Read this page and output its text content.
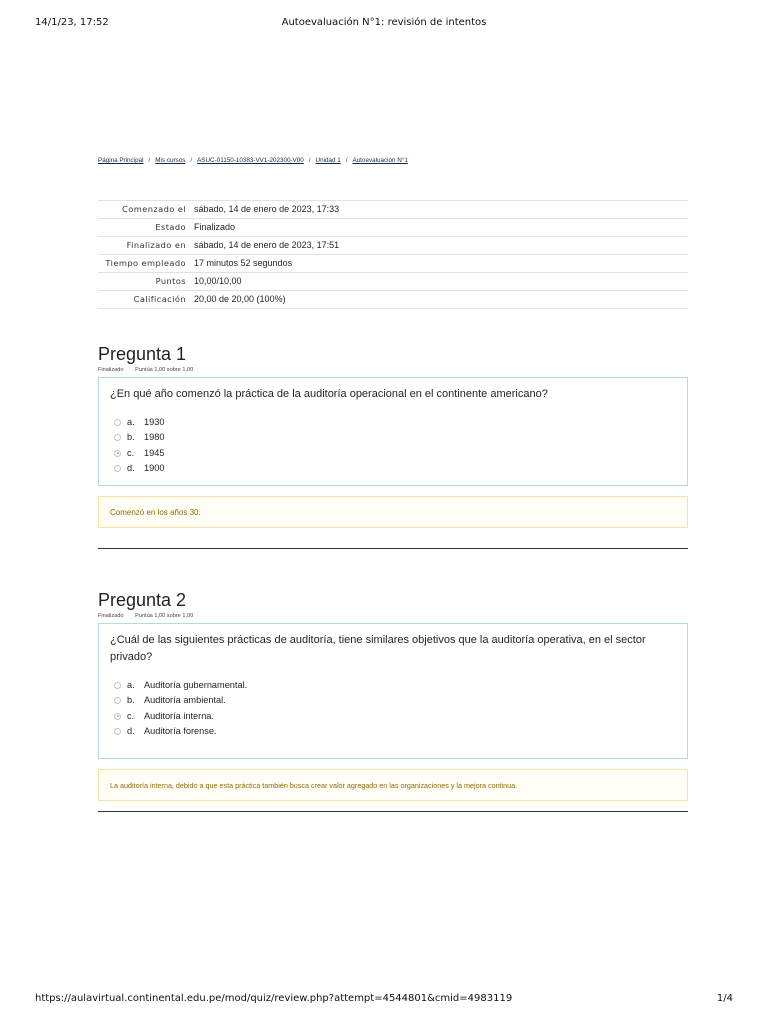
14/1/23, 17:52	Autoevaluación N°1: revisión de intentos
Página Principal / Mis cursos / ASUC-01150-10383-VV1-202300-V00 / Unidad 1 / Autoevaluación N°1
Comenzado el	sábado, 14 de enero de 2023, 17:33
Estado	Finalizado
Finalizado en	sábado, 14 de enero de 2023, 17:51
Tiempo empleado	17 minutos 52 segundos
Puntos	10,00/10,00
Calificación	20,00 de 20,00 (100%)
Pregunta 1
Finalizado Puntúa 1,00 sobre 1,00
¿En qué año comenzó la práctica de la auditoría operacional en el continente americano?
a.	1930
b.	1980
c.	1945
d.	1900
Comenzó en los años 30.
Pregunta 2
Finalizado Puntúa 1,00 sobre 1,00
¿Cuál de las siguientes prácticas de auditoría, tiene similares objetivos que la auditoría operativa, en el sector privado?
a.	Auditoría gubernamental.
b.	Auditoría ambiental.
c.	Auditoría interna.
d.	Auditoría forense.
La auditoría interna, debido a que esta práctica también busca crear valor agregado en las organizaciones y la mejora continua.
https://aulavirtual.continental.edu.pe/mod/quiz/review.php?attempt=4544801&cmid=4983119	1/4
